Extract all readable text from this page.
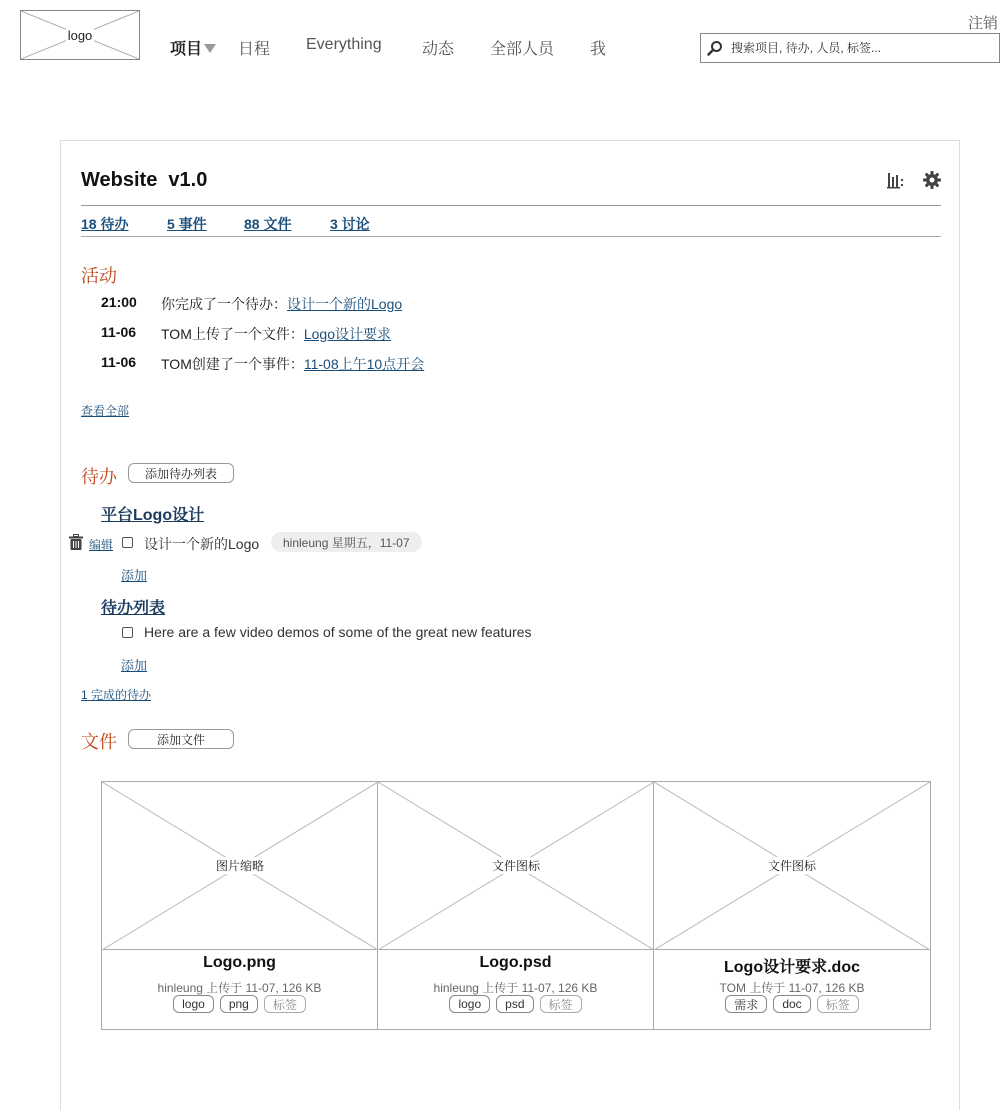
logo
项目	日程 Everything	动态 全部人员 我
注销
搜索项目, 待办, 人员, 标签...
Website  v1.0
18 待办	5 事件	88 文件	3 讨论
活动
21:00 你完成了一个待办：设计一个新的Logo
11-06 TOM上传了一个文件：Logo设计要求
11-06 TOM创建了一个事件：11-08上午10点开会
查看全部
待办	添加待办列表
平台Logo设计
编辑 设计一个新的Logo	hinleung 星期五，11-07
添加
待办列表
Here are a few video demos of some of the great new features
添加
1 完成的待办
文件	添加文件
图片缩略
Logo.png
hinleung 上传于 11-07, 126 KB
logo	png	标签
文件图标
Logo.psd
hinleung 上传于 11-07, 126 KB
logo	psd	标签
文件图标
Logo设计要求.doc
TOM 上传于 11-07, 126 KB
需求	doc	标签
